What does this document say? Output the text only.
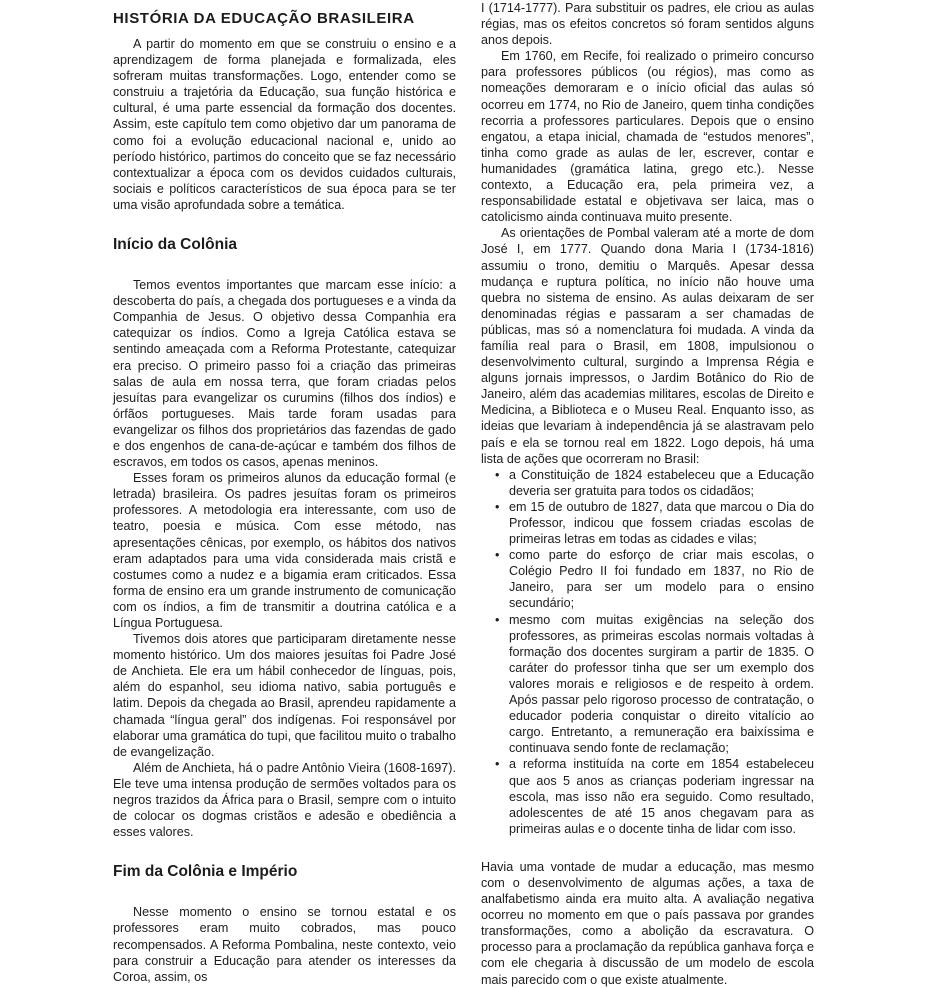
HISTÓRIA DA EDUCAÇÃO BRASILEIRA

A partir do momento em que se construiu o ensino e a aprendizagem de forma planejada e formalizada, eles sofreram muitas transformações. Logo, entender como se construiu a trajetória da Educação, sua função histórica e cultural, é uma parte essencial da formação dos docentes. Assim, este capítulo tem como objetivo dar um panorama de como foi a evolução educacional nacional e, unido ao período histórico, partimos do conceito que se faz necessário contextualizar a época com os devidos cuidados culturais, sociais e políticos característicos de sua época para se ter uma visão aprofundada sobre a temática.

Início da Colônia

Temos eventos importantes que marcam esse início: a descoberta do país, a chegada dos portugueses e a vinda da Companhia de Jesus. O objetivo dessa Companhia era catequizar os índios. Como a Igreja Católica estava se sentindo ameaçada com a Reforma Protestante, catequizar era preciso. O primeiro passo foi a criação das primeiras salas de aula em nossa terra, que foram criadas pelos jesuítas para evangelizar os curumins (filhos dos índios) e órfãos portugueses. Mais tarde foram usadas para evangelizar os filhos dos proprietários das fazendas de gado e dos engenhos de cana-de-açúcar e também dos filhos de escravos, em todos os casos, apenas meninos.

Esses foram os primeiros alunos da educação formal (e letrada) brasileira. Os padres jesuítas foram os primeiros professores. A metodologia era interessante, com uso de teatro, poesia e música. Com esse método, nas apresentações cênicas, por exemplo, os hábitos dos nativos eram adaptados para uma vida considerada mais cristã e costumes como a nudez e a bigamia eram criticados. Essa forma de ensino era um grande instrumento de comunicação com os índios, a fim de transmitir a doutrina católica e a Língua Portuguesa.

Tivemos dois atores que participaram diretamente nesse momento histórico. Um dos maiores jesuítas foi Padre José de Anchieta. Ele era um hábil conhecedor de línguas, pois, além do espanhol, seu idioma nativo, sabia português e latim. Depois da chegada ao Brasil, aprendeu rapidamente a chamada “língua geral” dos indígenas. Foi responsável por elaborar uma gramática do tupi, que facilitou muito o trabalho de evangelização.

Além de Anchieta, há o padre Antônio Vieira (1608-1697). Ele teve uma intensa produção de sermões voltados para os negros trazidos da África para o Brasil, sempre com o intuito de colocar os dogmas cristãos e adesão e obediência a esses valores.

Fim da Colônia e Império

Nesse momento o ensino se tornou estatal e os professores eram muito cobrados, mas pouco recompensados. A Reforma Pombalina, neste contexto, veio para construir a Educação para atender os interesses da Coroa, assim, os

I (1714-1777). Para substituir os padres, ele criou as aulas régias, mas os efeitos concretos só foram sentidos alguns anos depois.

Em 1760, em Recife, foi realizado o primeiro concurso para professores públicos (ou régios), mas como as nomeações demoraram e o início oficial das aulas só ocorreu em 1774, no Rio de Janeiro, quem tinha condições recorria a professores particulares. Depois que o ensino engatou, a etapa inicial, chamada de “estudos menores”, tinha como grade as aulas de ler, escrever, contar e humanidades (gramática latina, grego etc.). Nesse contexto, a Educação era, pela primeira vez, a responsabilidade estatal e objetivava ser laica, mas o catolicismo ainda continuava muito presente.

As orientações de Pombal valeram até a morte de dom José I, em 1777. Quando dona Maria I (1734-1816) assumiu o trono, demitiu o Marquês. Apesar dessa mudança e ruptura política, no início não houve uma quebra no sistema de ensino. As aulas deixaram de ser denominadas régias e passaram a ser chamadas de públicas, mas só a nomenclatura foi mudada. A vinda da família real para o Brasil, em 1808, impulsionou o desenvolvimento cultural, surgindo a Imprensa Régia e alguns jornais impressos, o Jardim Botânico do Rio de Janeiro, além das academias militares, escolas de Direito e Medicina, a Biblioteca e o Museu Real. Enquanto isso, as ideias que levariam à independência já se alastravam pelo país e ela se tornou real em 1822. Logo depois, há uma lista de ações que ocorreram no Brasil:

• a Constituição de 1824 estabeleceu que a Educação deveria ser gratuita para todos os cidadãos;
• em 15 de outubro de 1827, data que marcou o Dia do Professor, indicou que fossem criadas escolas de primeiras letras em todas as cidades e vilas;
• como parte do esforço de criar mais escolas, o Colégio Pedro II foi fundado em 1837, no Rio de Janeiro, para ser um modelo para o ensino secundário;
• mesmo com muitas exigências na seleção dos professores, as primeiras escolas normais voltadas à formação dos docentes surgiram a partir de 1835. O caráter do professor tinha que ser um exemplo dos valores morais e religiosos e de respeito à ordem. Após passar pelo rigoroso processo de contratação, o educador poderia conquistar o direito vitalício ao cargo. Entretanto, a remuneração era baixíssima e continuava sendo fonte de reclamação;
• a reforma instituída na corte em 1854 estabeleceu que aos 5 anos as crianças poderiam ingressar na escola, mas isso não era seguido. Como resultado, adolescentes de até 15 anos chegavam para as primeiras aulas e o docente tinha de lidar com isso.

Havia uma vontade de mudar a educação, mas mesmo com o desenvolvimento de algumas ações, a taxa de analfabetismo ainda era muito alta. A avaliação negativa ocorreu no momento em que o país passava por grandes transformações, como a abolição da escravatura. O processo para a proclamação da república ganhava força e com ele chegaria à discussão de um modelo de escola mais parecido com o que existe atualmente.
